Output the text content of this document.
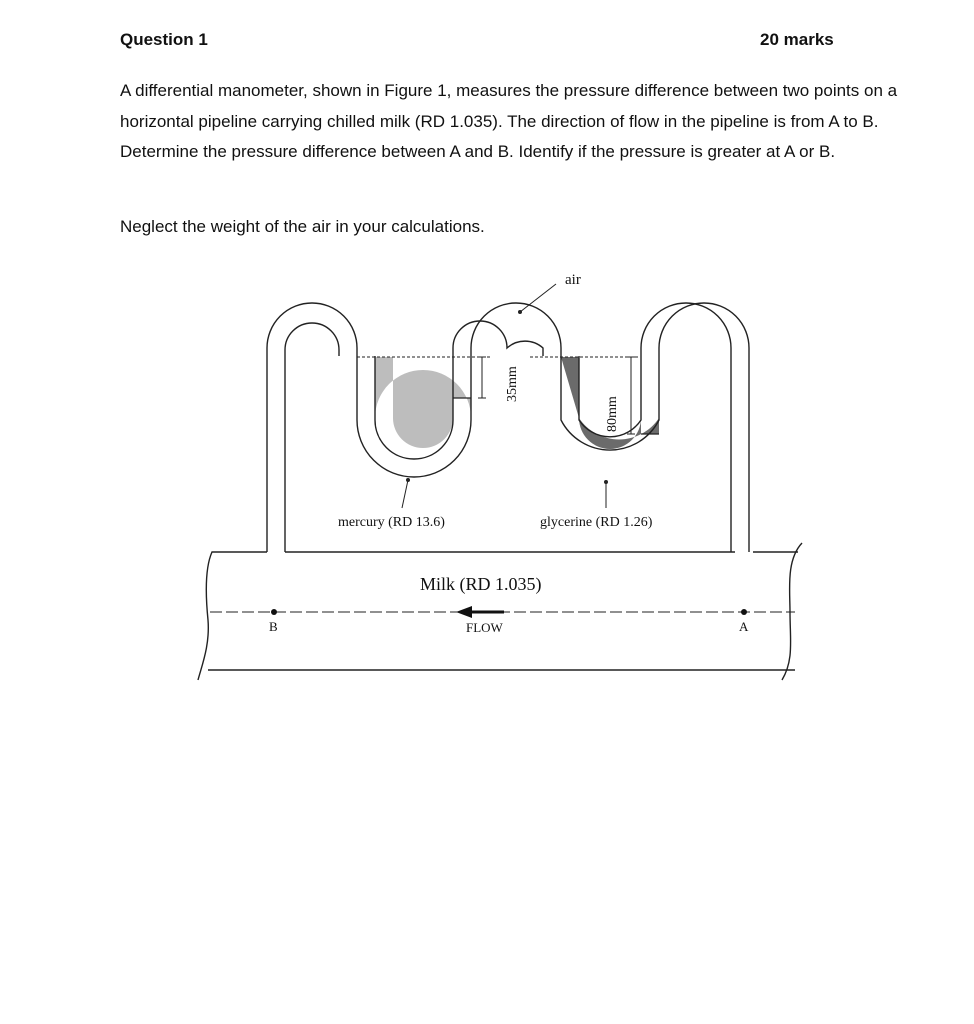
Question 1	20 marks
A differential manometer, shown in Figure 1, measures the pressure difference between two points on a horizontal pipeline carrying chilled milk (RD 1.035). The direction of flow in the pipeline is from A to B. Determine the pressure difference between A and B. Identify if the pressure is greater at A or B.
Neglect the weight of the air in your calculations.
35mm
80mm
air
mercury (RD 13.6)	glycerine (RD 1.26)
Milk (RD 1.035)
B	A
FLOW
